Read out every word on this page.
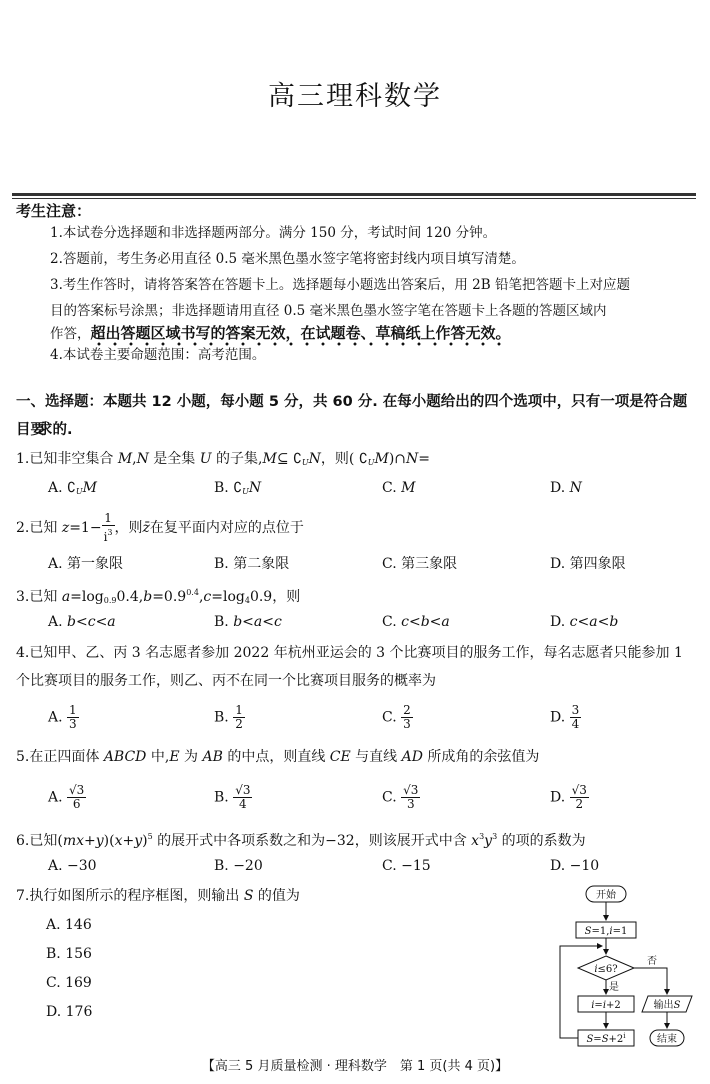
高三理科数学
考生注意：
1.本试卷分选择题和非选择题两部分。满分 150 分，考试时间 120 分钟。
2.答题前，考生务必用直径 0.5 毫米黑色墨水签字笔将密封线内项目填写清楚。
3.考生作答时，请将答案答在答题卡上。选择题每小题选出答案后，用 2B 铅笔把答题卡上对应题
目的答案标号涂黑；非选择题请用直径 0.5 毫米黑色墨水签字笔在答题卡上各题的答题区域内
作答，超出答题区域书写的答案无效，在试题卷、草稿纸上作答无效。
4.本试卷主要命题范围：高考范围。
一、选择题：本题共 12 小题，每小题 5 分，共 60 分. 在每小题给出的四个选项中，只有一项是符合题目要
求的.
1.已知非空集合 M,N 是全集 U 的子集,M⊆ $∁_UN$，则( $∁_UM)\cap N=$
A. $∁_UM$	B. $∁_UN$	C. M	D. N
2.已知 $z=1- \frac{1}{i^3}$ ，则z̄在复平面内对应的点位于
A. 第一象限	B. 第二象限	C. 第三象限	D. 第四象限
3.已知 $a=\log_{0.9}0.4,b=0.9^{0.4},c=\log_40.9$，则
A. b<c<a	B. b<a<c	C. c<b<a	D. c<a<b
4.已知甲、乙、丙 3 名志愿者参加 2022 年杭州亚运会的 3 个比赛项目的服务工作，每名志愿者只能参加 1
个比赛项目的服务工作，则乙、丙不在同一个比赛项目服务的概率为
A. $\frac{1}{3}$	B. $\frac{1}{2}$	C. $\frac{2}{3}$	D. $\frac{3}{4}$
5.在正四面体 ABCD 中,E 为 AB 的中点，则直线 CE 与直线 AD 所成角的余弦值为
A. $\frac{√3}{6}$	B. $\frac{√3}{4}$	C. $\frac{√3}{3}$	D. $\frac{√3}{2}$
6.已知$(mx+y)(x+y)^5$ 的展开式中各项系数之和为−32，则该展开式中含 $x^3y^3$ 的项的系数为
A. −30	B. −20	C. −15	D. −10
7.执行如图所示的程序框图，则输出 S 的值为
A. 146
B. 156
C. 169
D. 176
开始
S=1,i=1
i≤6?
否
是
i=i+2
$S=S+2^i$
输出S
结束
【高三 5 月质量检测 · 理科数学　第 1 页(共 4 页)】
